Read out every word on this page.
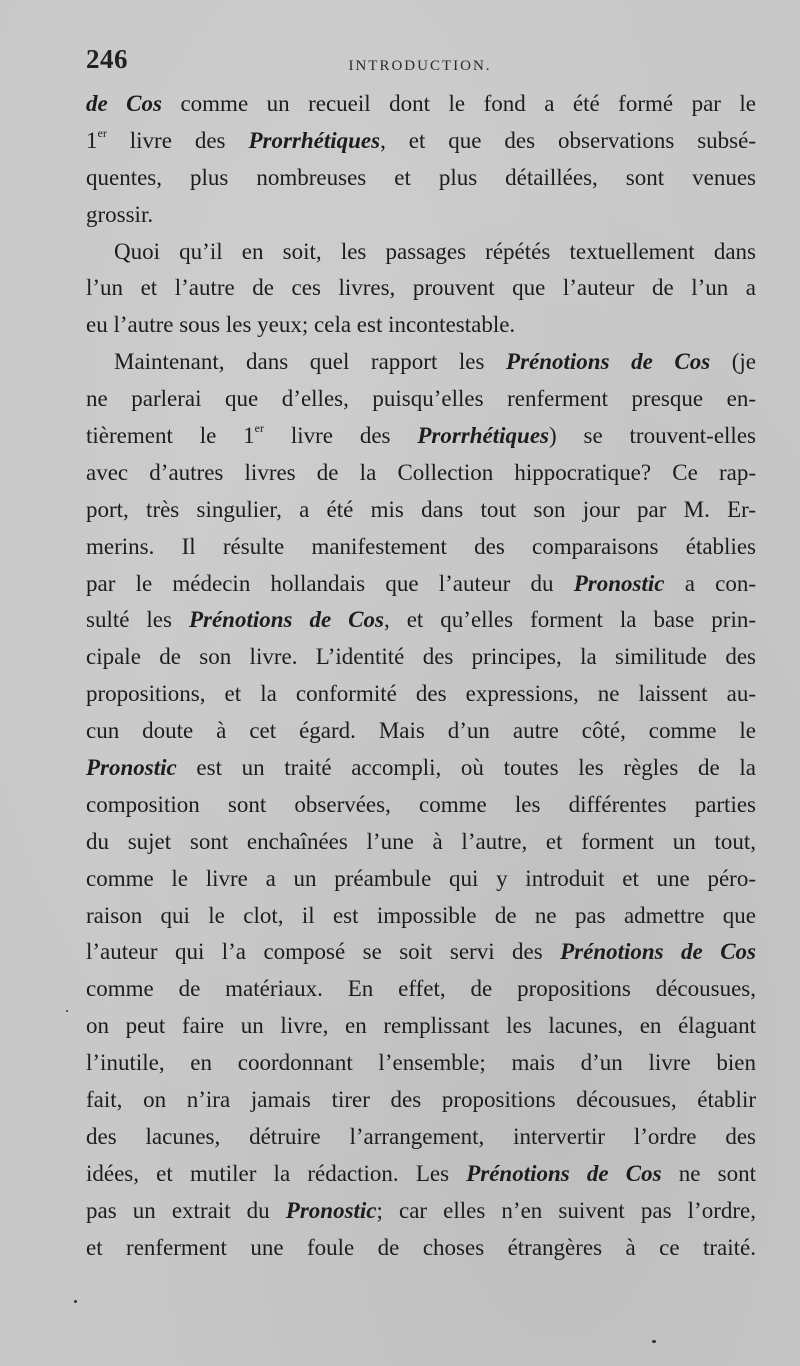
246	INTRODUCTION.
de Cos comme un recueil dont le fond a été formé par le
1er livre des Prorrhétiques, et que des observations subsé-
quentes, plus nombreuses et plus détaillées, sont venues
grossir.
Quoi qu’il en soit, les passages répétés textuellement dans
l’un et l’autre de ces livres, prouvent que l’auteur de l’un a
eu l’autre sous les yeux; cela est incontestable.
Maintenant, dans quel rapport les Prénotions de Cos (je
ne parlerai que d’elles, puisqu’elles renferment presque en-
tièrement le 1er livre des Prorrhétiques) se trouvent-elles
avec d’autres livres de la Collection hippocratique? Ce rap-
port, très singulier, a été mis dans tout son jour par M. Er-
merins. Il résulte manifestement des comparaisons établies
par le médecin hollandais que l’auteur du Pronostic a con-
sulté les Prénotions de Cos, et qu’elles forment la base prin-
cipale de son livre. L’identité des principes, la similitude des
propositions, et la conformité des expressions, ne laissent au-
cun doute à cet égard. Mais d’un autre côté, comme le
Pronostic est un traité accompli, où toutes les règles de la
composition sont observées, comme les différentes parties
du sujet sont enchaînées l’une à l’autre, et forment un tout,
comme le livre a un préambule qui y introduit et une péro-
raison qui le clot, il est impossible de ne pas admettre que
l’auteur qui l’a composé se soit servi des Prénotions de Cos
comme de matériaux. En effet, de propositions décousues,
on peut faire un livre, en remplissant les lacunes, en élaguant
l’inutile, en coordonnant l’ensemble; mais d’un livre bien
fait, on n’ira jamais tirer des propositions décousues, établir
des lacunes, détruire l’arrangement, intervertir l’ordre des
idées, et mutiler la rédaction. Les Prénotions de Cos ne sont
pas un extrait du Pronostic; car elles n’en suivent pas l’ordre,
et renferment une foule de choses étrangères à ce traité.
